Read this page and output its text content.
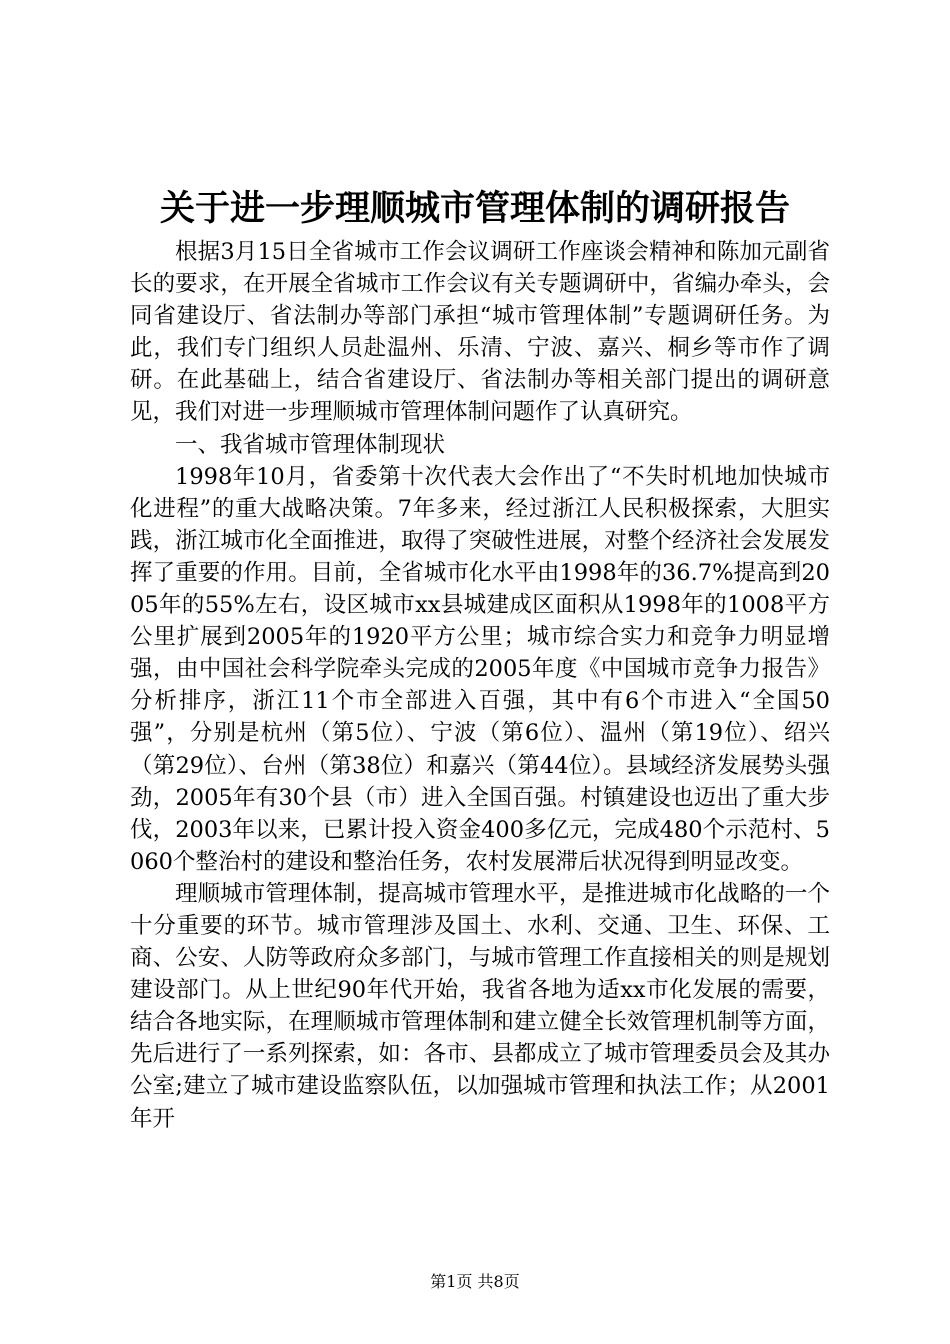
关于进一步理顺城市管理体制的调研报告

根据3月15日全省城市工作会议调研工作座谈会精神和陈加元副省长的要求，在开展全省城市工作会议有关专题调研中，省编办牵头，会同省建设厅、省法制办等部门承担“城市管理体制”专题调研任务。为此，我们专门组织人员赴温州、乐清、宁波、嘉兴、桐乡等市作了调研。在此基础上，结合省建设厅、省法制办等相关部门提出的调研意见，我们对进一步理顺城市管理体制问题作了认真研究。

一、我省城市管理体制现状

1998年10月，省委第十次代表大会作出了“不失时机地加快城市化进程”的重大战略决策。7年多来，经过浙江人民积极探索，大胆实践，浙江城市化全面推进，取得了突破性进展，对整个经济社会发展发挥了重要的作用。目前，全省城市化水平由1998年的36.7%提高到2005年的55%左右，设区城市xx县城建成区面积从1998年的1008平方公里扩展到2005年的1920平方公里；城市综合实力和竞争力明显增强，由中国社会科学院牵头完成的2005年度《中国城市竞争力报告》分析排序，浙江11个市全部进入百强，其中有6个市进入“全国50强”，分别是杭州（第5位）、宁波（第6位）、温州（第19位）、绍兴（第29位）、台州（第38位）和嘉兴（第44位）。县域经济发展势头强劲，2005年有30个县（市）进入全国百强。村镇建设也迈出了重大步伐，2003年以来，已累计投入资金400多亿元，完成480个示范村、5060个整治村的建设和整治任务，农村发展滞后状况得到明显改变。

理顺城市管理体制，提高城市管理水平，是推进城市化战略的一个十分重要的环节。城市管理涉及国土、水利、交通、卫生、环保、工商、公安、人防等政府众多部门，与城市管理工作直接相关的则是规划建设部门。从上世纪90年代开始，我省各地为适xx市化发展的需要，结合各地实际，在理顺城市管理体制和建立健全长效管理机制等方面，先后进行了一系列探索，如：各市、县都成立了城市管理委员会及其办公室;建立了城市建设监察队伍，以加强城市管理和执法工作；从2001年开

第1页 共8页
